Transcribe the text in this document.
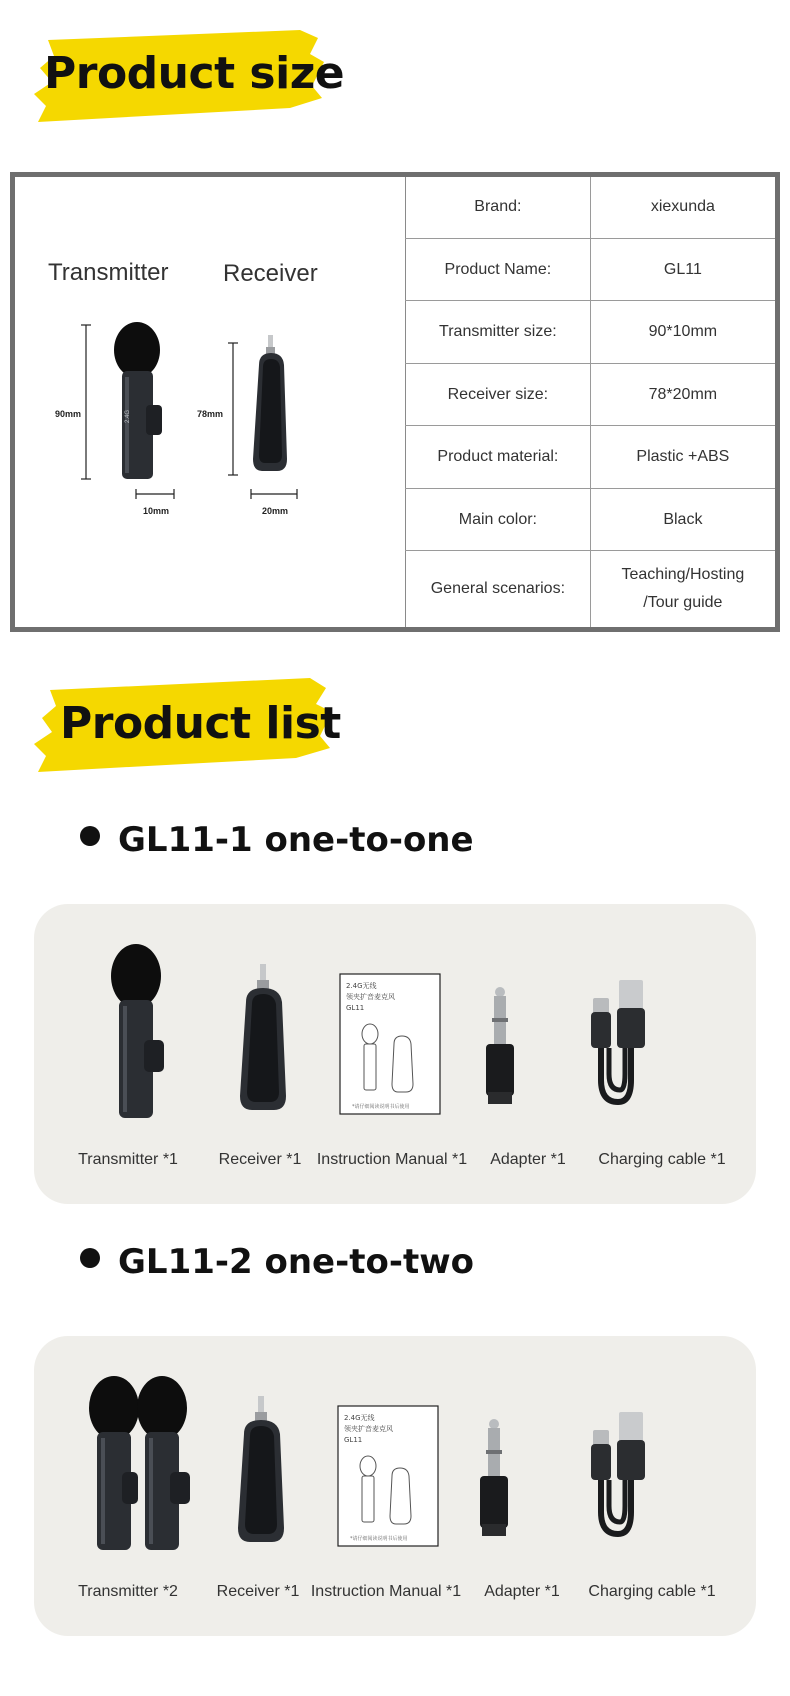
Product size
Transmitter Receiver
90mm
10mm
78mm
20mm
2.4G
Brand:	xiexunda
Product Name:	GL11
Transmitter size:	90*10mm
Receiver size:	78*20mm
Product material:	Plastic +ABS
Main color:	Black
General scenarios:	Teaching/Hosting
/Tour guide
Product list
GL11-1 one-to-one
2.4G无线
领夹扩音麦克风
GL11
*请仔细阅读说明书后使用
Transmitter *1	Receiver *1 Instruction Manual *1 Adapter *1 Charging cable *1
GL11-2 one-to-two
2.4G无线
领夹扩音麦克风
GL11
*请仔细阅读说明书后使用
Transmitter *2 Receiver *1 Instruction Manual *1 Adapter *1 Charging cable *1
